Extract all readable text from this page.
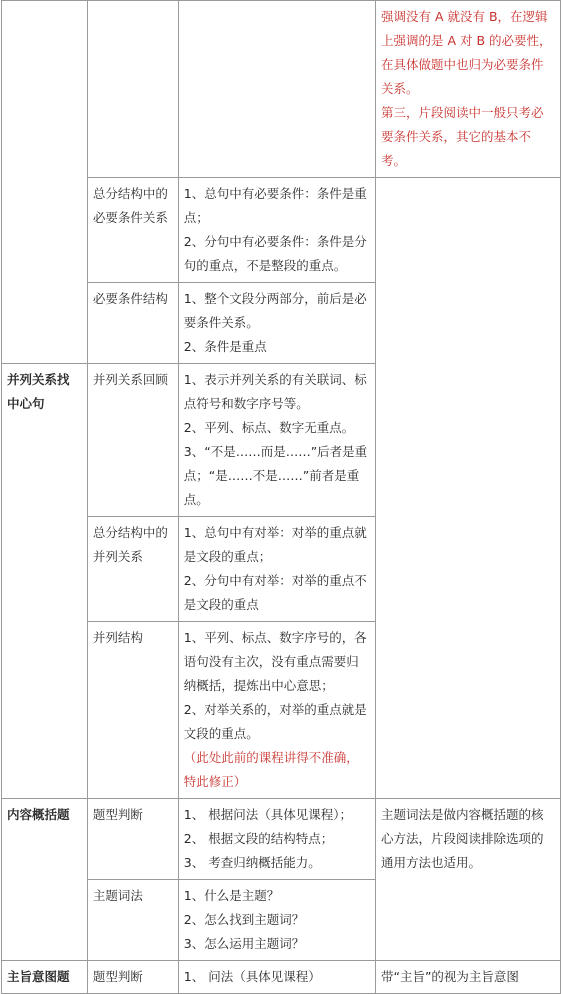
			强调没有 A 就没有 B，在逻辑上强调的是 A 对 B 的必要性，在具体做题中也归为必要条件关系。
第三，片段阅读中一般只考必要条件关系，其它的基本不考。

	总分结构中的必要条件关系	1、总句中有必要条件：条件是重点；
2、分句中有必要条件：条件是分句的重点，不是整段的重点。	

	必要条件结构	1、整个文段分两部分，前后是必要条件关系。
2、条件是重点	

并列关系找中心句	并列关系回顾	1、表示并列关系的有关联词、标点符号和数字序号等。
2、平列、标点、数字无重点。
3、“不是……而是……”后者是重点；“是……不是……”前者是重点。	

	总分结构中的并列关系	1、总句中有对举：对举的重点就是文段的重点；
2、分句中有对举：对举的重点不是文段的重点	

	并列结构	1、平列、标点、数字序号的，各语句没有主次，没有重点需要归纳概括，提炼出中心意思；
2、对举关系的，对举的重点就是文段的重点。
（此处此前的课程讲得不准确，特此修正）	

内容概括题	题型判断	1、 根据问法（具体见课程）；
2、 根据文段的结构特点；
3、 考查归纳概括能力。	主题词法是做内容概括题的核心方法，片段阅读排除选项的通用方法也适用。

	主题词法	1、什么是主题？
2、怎么找到主题词？
3、怎么运用主题词？	

主旨意图题	题型判断	1、 问法（具体见课程）	带“主旨”的视为主旨意图
